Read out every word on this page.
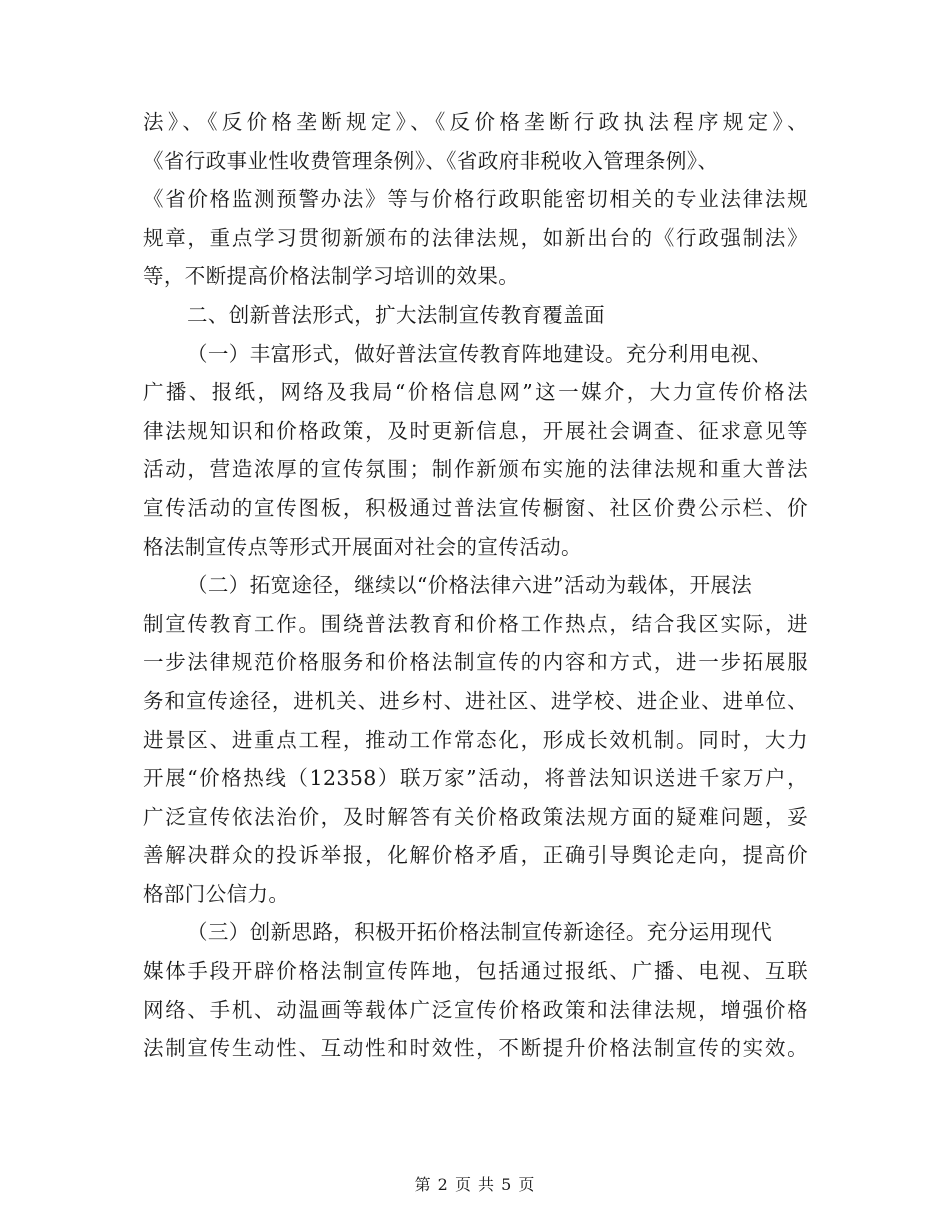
法》、《反价格垄断规定》、《反价格垄断行政执法程序规定》、
《省行政事业性收费管理条例》、《省政府非税收入管理条例》、
《省价格监测预警办法》等与价格行政职能密切相关的专业法律法规
规章，重点学习贯彻新颁布的法律法规，如新出台的《行政强制法》
等，不断提高价格法制学习培训的效果。
二、创新普法形式，扩大法制宣传教育覆盖面
（一）丰富形式，做好普法宣传教育阵地建设。充分利用电视、
广播、报纸，网络及我局“价格信息网”这一媒介，大力宣传价格法
律法规知识和价格政策，及时更新信息，开展社会调查、征求意见等
活动，营造浓厚的宣传氛围；制作新颁布实施的法律法规和重大普法
宣传活动的宣传图板，积极通过普法宣传橱窗、社区价费公示栏、价
格法制宣传点等形式开展面对社会的宣传活动。
（二）拓宽途径，继续以“价格法律六进”活动为载体，开展法
制宣传教育工作。围绕普法教育和价格工作热点，结合我区实际，进
一步法律规范价格服务和价格法制宣传的内容和方式，进一步拓展服
务和宣传途径，进机关、进乡村、进社区、进学校、进企业、进单位、
进景区、进重点工程，推动工作常态化，形成长效机制。同时，大力
开展“价格热线（12358）联万家”活动，将普法知识送进千家万户，
广泛宣传依法治价，及时解答有关价格政策法规方面的疑难问题，妥
善解决群众的投诉举报，化解价格矛盾，正确引导舆论走向，提高价
格部门公信力。
（三）创新思路，积极开拓价格法制宣传新途径。充分运用现代
媒体手段开辟价格法制宣传阵地，包括通过报纸、广播、电视、互联
网络、手机、动温画等载体广泛宣传价格政策和法律法规，增强价格
法制宣传生动性、互动性和时效性，不断提升价格法制宣传的实效。
第 2 页 共 5 页
